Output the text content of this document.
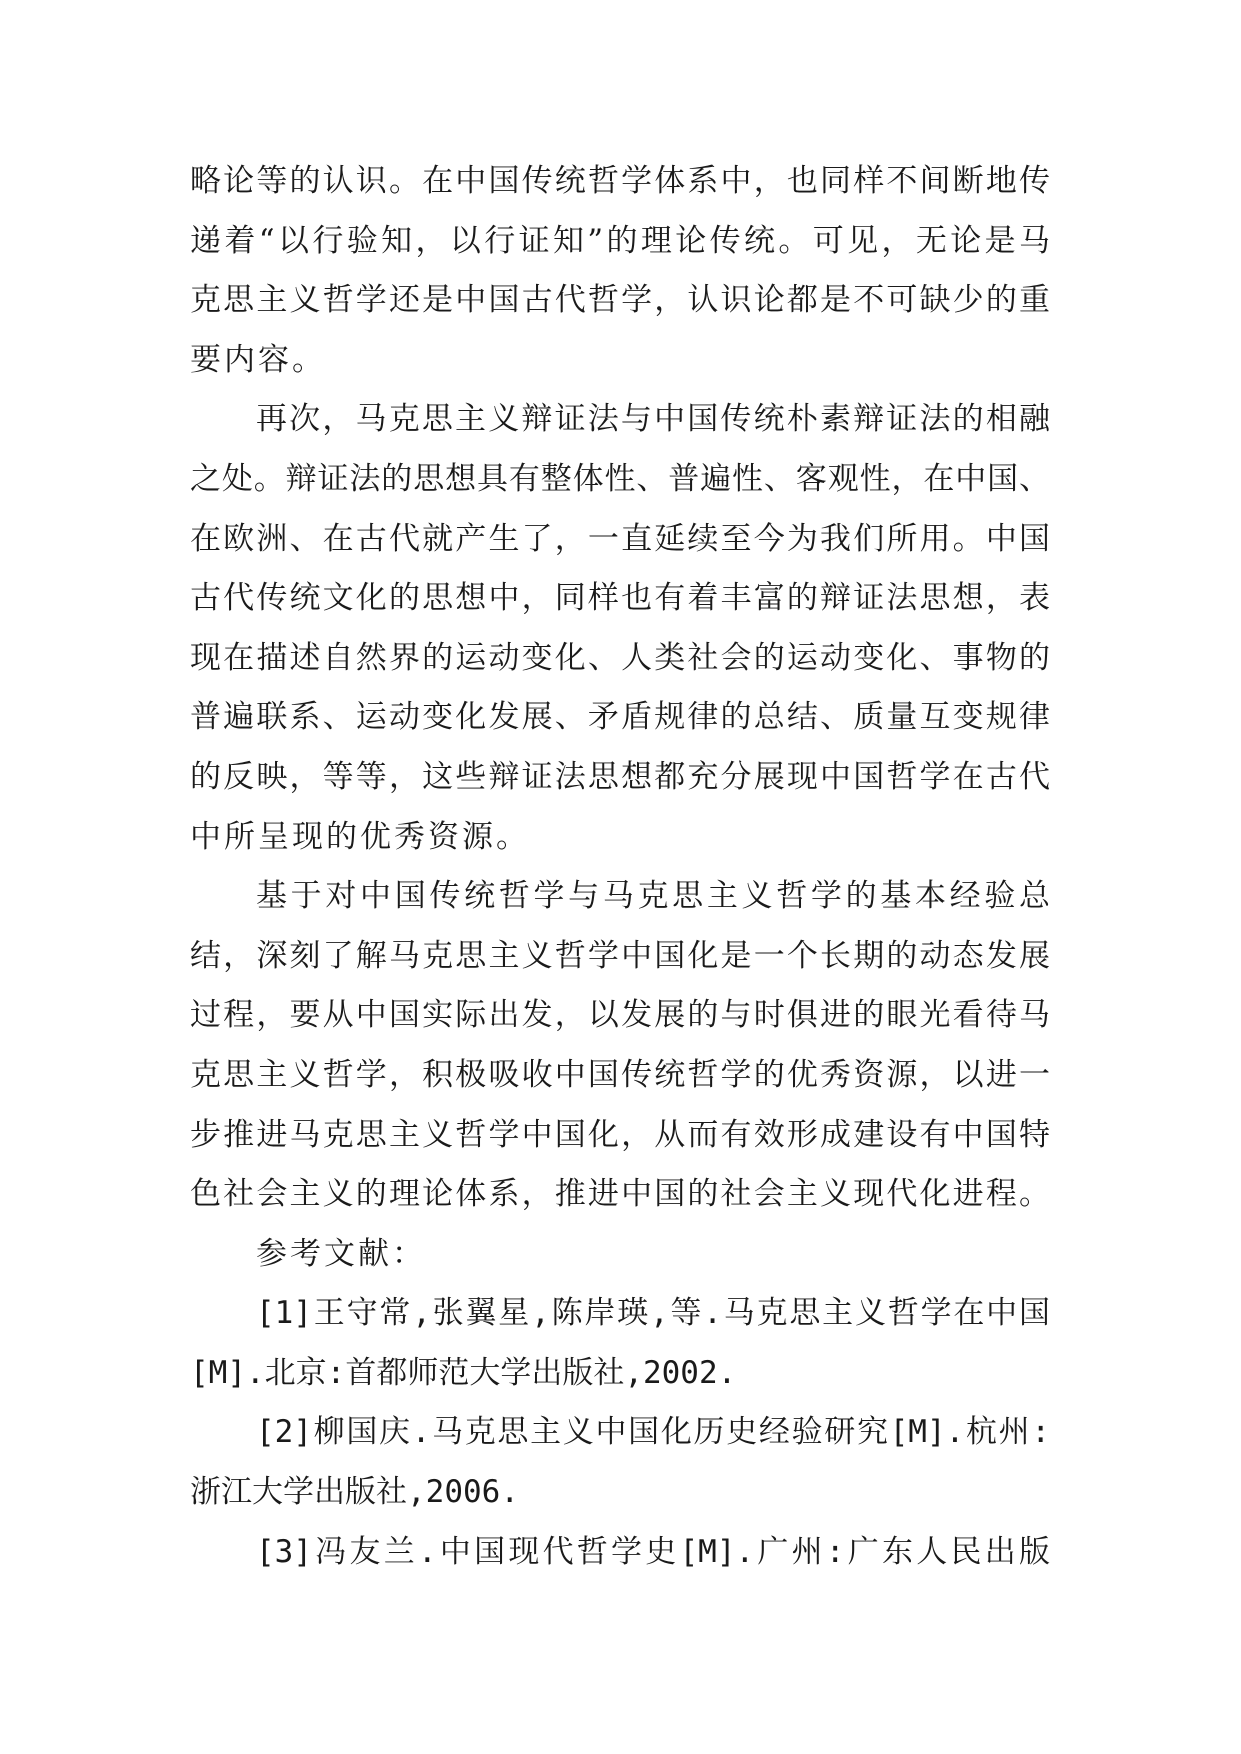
略论等的认识。在中国传统哲学体系中，也同样不间断地传
递着“以行验知，以行证知”的理论传统。可见，无论是马
克思主义哲学还是中国古代哲学，认识论都是不可缺少的重
要内容。
再次，马克思主义辩证法与中国传统朴素辩证法的相融
之处。辩证法的思想具有整体性、普遍性、客观性，在中国、
在欧洲、在古代就产生了，一直延续至今为我们所用。中国
古代传统文化的思想中，同样也有着丰富的辩证法思想，表
现在描述自然界的运动变化、人类社会的运动变化、事物的
普遍联系、运动变化发展、矛盾规律的总结、质量互变规律
的反映，等等，这些辩证法思想都充分展现中国哲学在古代
中所呈现的优秀资源。
基于对中国传统哲学与马克思主义哲学的基本经验总
结，深刻了解马克思主义哲学中国化是一个长期的动态发展
过程，要从中国实际出发，以发展的与时俱进的眼光看待马
克思主义哲学，积极吸收中国传统哲学的优秀资源，以进一
步推进马克思主义哲学中国化，从而有效形成建设有中国特
色社会主义的理论体系，推进中国的社会主义现代化进程。
参考文献：
[1]王守常,张翼星,陈岸瑛,等.马克思主义哲学在中国
[M].北京:首都师范大学出版社,2002.
[2]柳国庆.马克思主义中国化历史经验研究[M].杭州:
浙江大学出版社,2006.
[3]冯友兰.中国现代哲学史[M].广州:广东人民出版
